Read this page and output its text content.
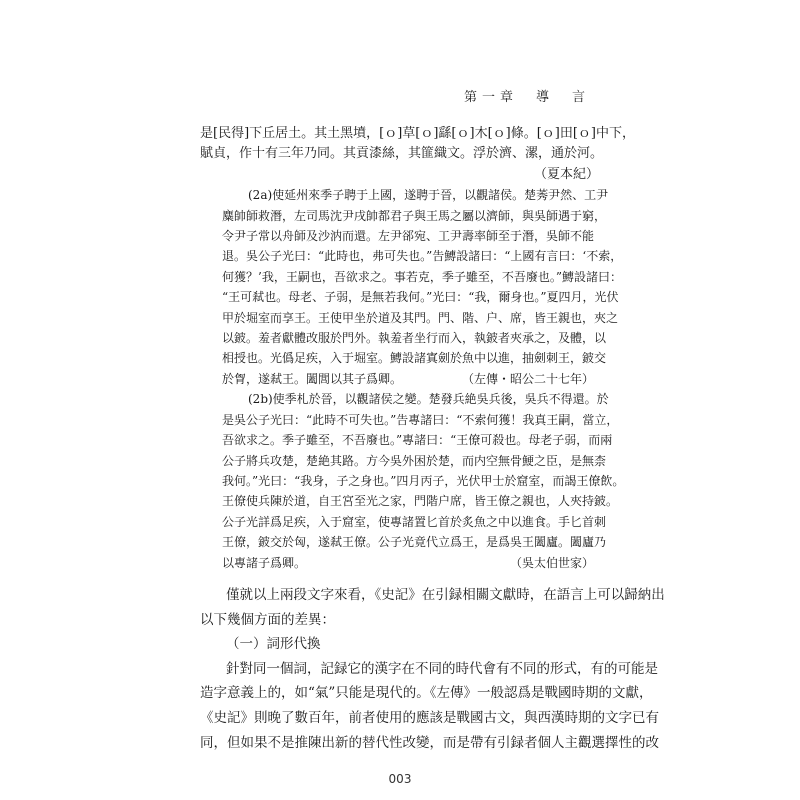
第一章　導　言
是[民得]下丘居土。其土黑墳，[ｏ]草[ｏ]繇[ｏ]木[ｏ]條。[ｏ]田[ｏ]中下，
賦貞，作十有三年乃同。其貢漆絲，其篚織文。浮於濟、漯，通於河。
（夏本紀）
(2a)使延州來季子聘于上國，遂聘于晉，以觀諸侯。楚莠尹然、工尹
麋帥師救潛，左司馬沈尹戌帥都君子與王馬之屬以濟師，與吳師遇于窮，
令尹子常以舟師及沙汭而還。左尹郤宛、工尹壽率師至于潛，吳師不能
退。吳公子光曰：“此時也，弗可失也。”告鱄設諸曰：“上國有言曰：‘不索，
何獲？’我，王嗣也，吾欲求之。事若克，季子雖至，不吾廢也。”鱄設諸曰：
“王可弒也。母老、子弱，是無若我何。”光曰：“我，爾身也。”夏四月，光伏
甲於堀室而享王。王使甲坐於道及其門。門、階、户、席，皆王親也，夾之
以鈹。羞者獻體改服於門外。執羞者坐行而入，執鈹者夾承之，及體，以
相授也。光僞足疾，入于堀室。鱄設諸寘劍於魚中以進，抽劍刺王，鈹交
於胷，遂弒王。闔閭以其子爲卿。	（左傳・昭公二十七年）
(2b)使季札於晉，以觀諸侯之變。楚發兵絶吳兵後，吳兵不得還。於
是吳公子光曰：“此時不可失也。”告專諸曰：“不索何獲！我真王嗣，當立，
吾欲求之。季子雖至，不吾廢也。”專諸曰：“王僚可殺也。母老子弱，而兩
公子將兵攻楚，楚絶其路。方今吳外困於楚，而内空無骨鯁之臣，是無柰
我何。”光曰：“我身，子之身也。”四月丙子，光伏甲士於窟室，而謁王僚飲。
王僚使兵陳於道，自王宮至光之家，門階户席，皆王僚之親也，人夾持鈹。
公子光詳爲足疾，入于窟室，使專諸置匕首於炙魚之中以進食。手匕首刺
王僚，鈹交於匈，遂弒王僚。公子光竟代立爲王，是爲吳王闔廬。闔廬乃
以專諸子爲卿。	（吳太伯世家）
僅就以上兩段文字來看，《史記》在引録相關文獻時，在語言上可以歸納出
以下幾個方面的差異：
（一）詞形代換
針對同一個詞，記録它的漢字在不同的時代會有不同的形式，有的可能是
造字意義上的，如“氣”只能是現代的。《左傳》一般認爲是戰國時期的文獻，
《史記》則晚了數百年，前者使用的應該是戰國古文，與西漢時期的文字已有
同，但如果不是推陳出新的替代性改變，而是帶有引録者個人主觀選擇性的改
003
